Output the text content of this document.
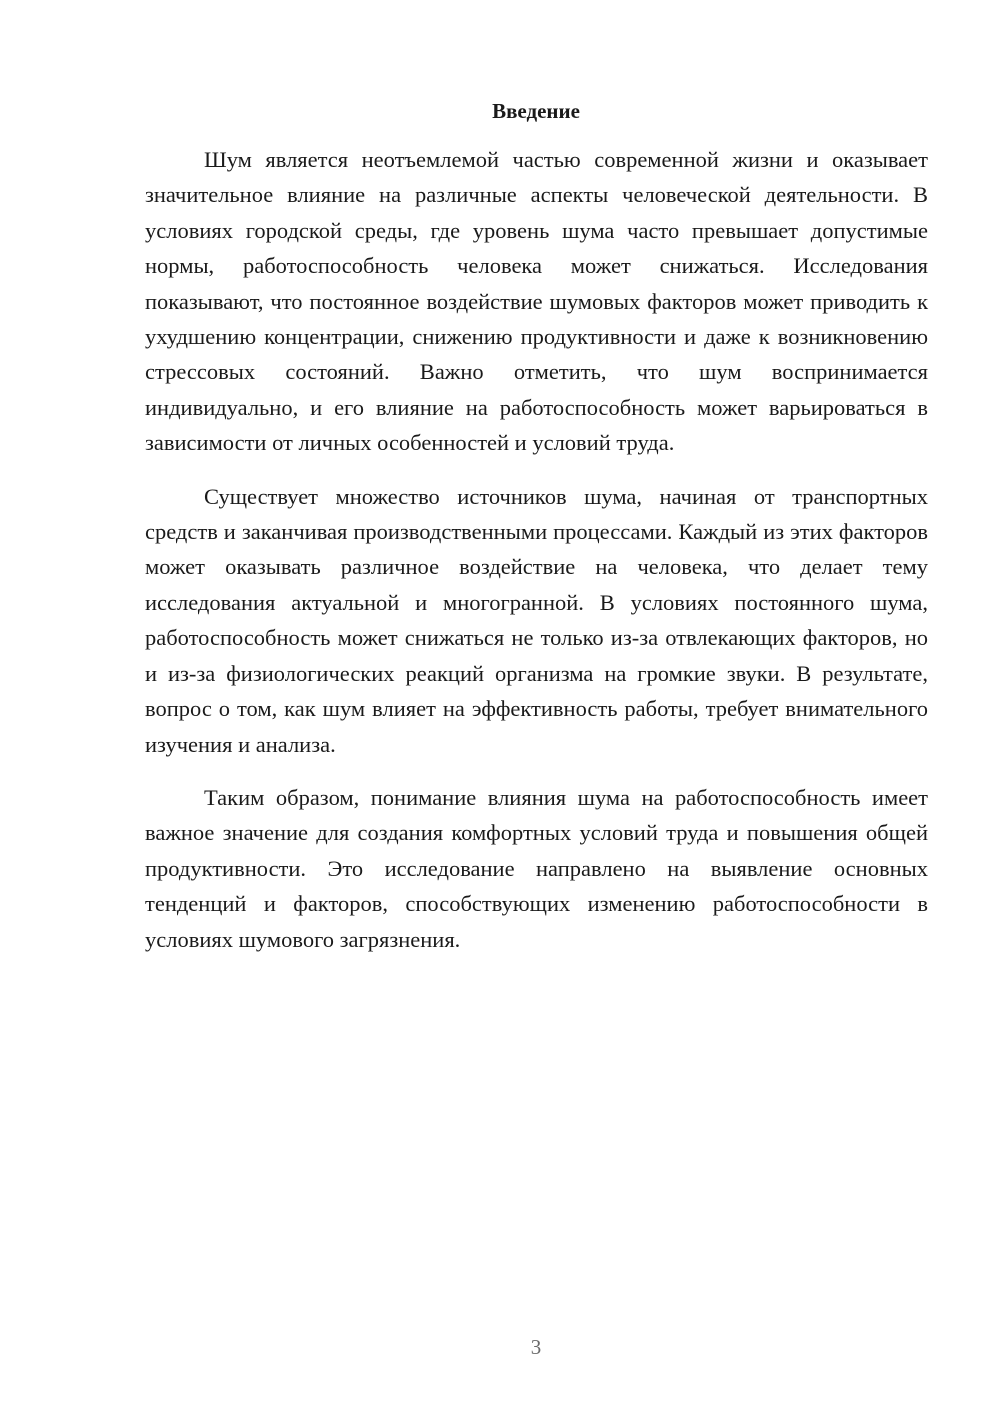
Введение

Шум является неотъемлемой частью современной жизни и оказывает значительное влияние на различные аспекты человеческой деятельности. В условиях городской среды, где уровень шума часто превышает допустимые нормы, работоспособность человека может снижаться. Исследования показывают, что постоянное воздействие шумовых факторов может приводить к ухудшению концентрации, снижению продуктивности и даже к возникновению стрессовых состояний. Важно отметить, что шум воспринимается индивидуально, и его влияние на работоспособность может варьироваться в зависимости от личных особенностей и условий труда.

Существует множество источников шума, начиная от транспортных средств и заканчивая производственными процессами. Каждый из этих факторов может оказывать различное воздействие на человека, что делает тему исследования актуальной и многогранной. В условиях постоянного шума, работоспособность может снижаться не только из-за отвлекающих факторов, но и из-за физиологических реакций организма на громкие звуки. В результате, вопрос о том, как шум влияет на эффективность работы, требует внимательного изучения и анализа.

Таким образом, понимание влияния шума на работоспособность имеет важное значение для создания комфортных условий труда и повышения общей продуктивности. Это исследование направлено на выявление основных тенденций и факторов, способствующих изменению работоспособности в условиях шумового загрязнения.

3
